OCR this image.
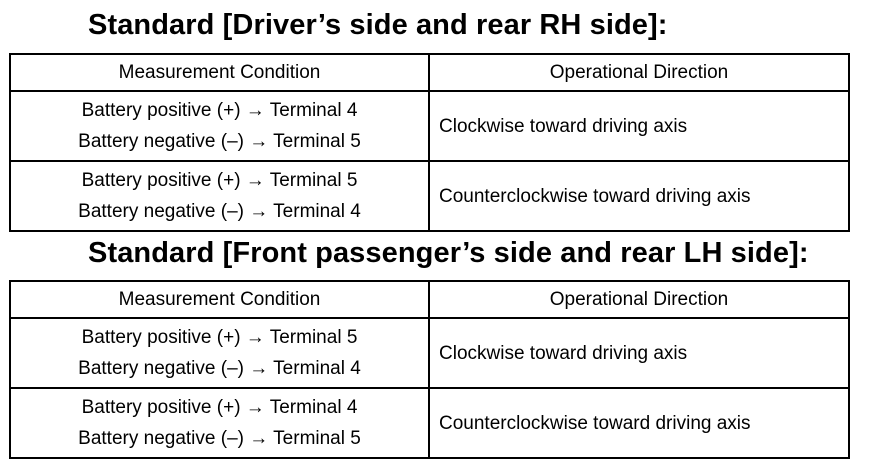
Standard [Driver’s side and rear RH side]:
Measurement Condition	Operational Direction

Battery positive (+) → Terminal 4
Battery negative (–) → Terminal 5	Clockwise toward driving axis

Battery positive (+) → Terminal 5
Battery negative (–) → Terminal 4	Counterclockwise toward driving axis
Standard [Front passenger’s side and rear LH side]:
Measurement Condition	Operational Direction

Battery positive (+) → Terminal 5
Battery negative (–) → Terminal 4	Clockwise toward driving axis

Battery positive (+) → Terminal 4
Battery negative (–) → Terminal 5	Counterclockwise toward driving axis
